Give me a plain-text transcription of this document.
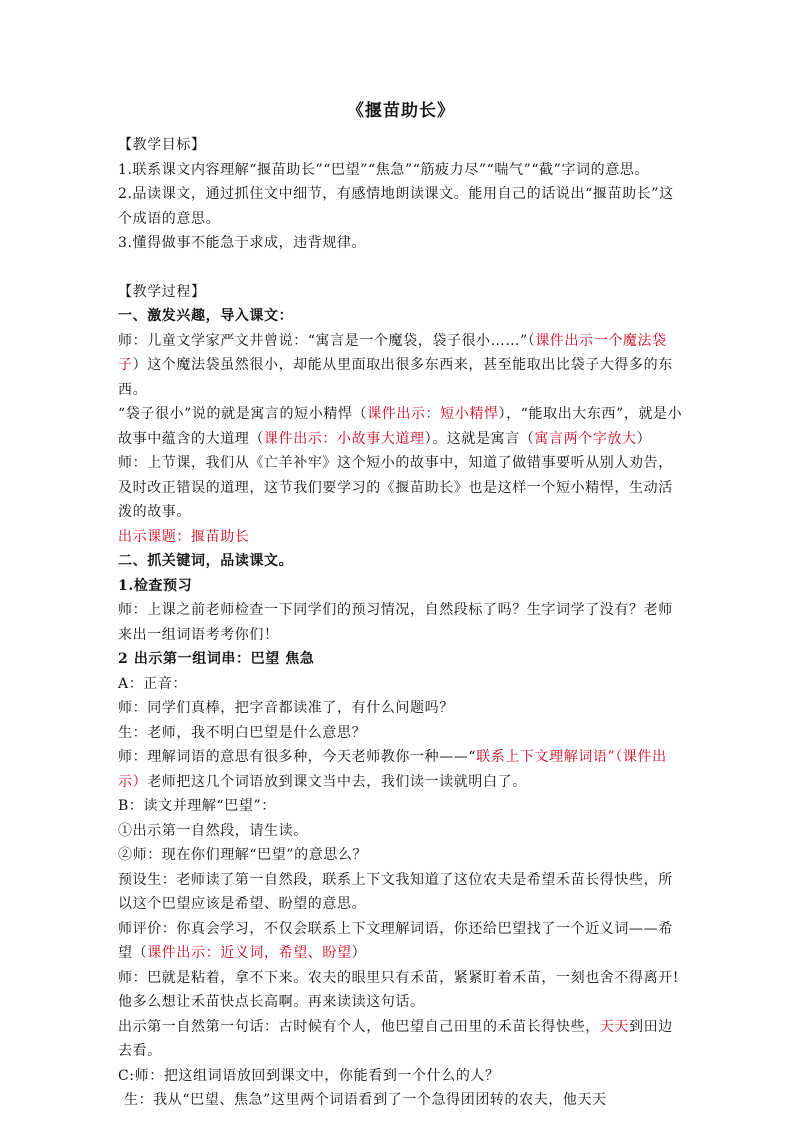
《揠苗助长》

【教学目标】

1.联系课文内容理解“揠苗助长”“巴望”“焦急”“筋疲力尽”“喘气”“截”字词的意思。

2.品读课文，通过抓住文中细节，有感情地朗读课文。能用自己的话说出“揠苗助长”这个成语的意思。

3.懂得做事不能急于求成，违背规律。

【教学过程】

一、激发兴趣，导入课文：

师：儿童文学家严文井曾说：“寓言是一个魔袋，袋子很小……”（课件出示一个魔法袋子）这个魔法袋虽然很小，却能从里面取出很多东西来，甚至能取出比袋子大得多的东西。

“袋子很小”说的就是寓言的短小精悍（课件出示：短小精悍），“能取出大东西”，就是小故事中蕴含的大道理（课件出示：小故事大道理）。这就是寓言（寓言两个字放大）

师：上节课，我们从《亡羊补牢》这个短小的故事中，知道了做错事要听从别人劝告，及时改正错误的道理，这节我们要学习的《揠苗助长》也是这样一个短小精悍，生动活泼的故事。

出示课题：揠苗助长

二、抓关键词，品读课文。

1.检查预习

师：上课之前老师检查一下同学们的预习情况，自然段标了吗？生字词学了没有？老师来出一组词语考考你们！

2 出示第一组词串：巴望 焦急

A：正音：

师：同学们真棒，把字音都读准了，有什么问题吗？

生：老师，我不明白巴望是什么意思？

师：理解词语的意思有很多种，今天老师教你一种——“联系上下文理解词语”（课件出示）老师把这几个词语放到课文当中去，我们读一读就明白了。

B：读文并理解“巴望”：

①出示第一自然段，请生读。

②师：现在你们理解“巴望”的意思么？

预设生：老师读了第一自然段，联系上下文我知道了这位农夫是希望禾苗长得快些，所以这个巴望应该是希望、盼望的意思。

师评价：你真会学习，不仅会联系上下文理解词语，你还给巴望找了一个近义词——希望（课件出示：近义词，希望、盼望）

师：巴就是粘着，拿不下来。农夫的眼里只有禾苗，紧紧盯着禾苗，一刻也舍不得离开!他多么想让禾苗快点长高啊。再来读读这句话。

出示第一自然第一句话：古时候有个人，他巴望自己田里的禾苗长得快些，天天到田边去看。

C:师：把这组词语放回到课文中，你能看到一个什么的人？

生：我从“巴望、焦急”这里两个词语看到了一个急得团团转的农夫，他天天
